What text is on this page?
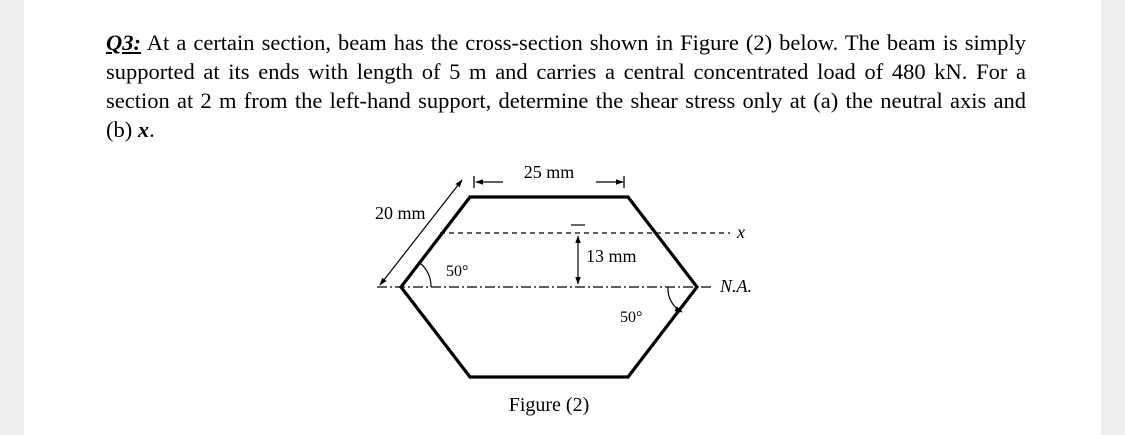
Q3: At a certain section, beam has the cross-section shown in Figure (2) below. The beam is simply supported at its ends with length of 5 m and carries a central concentrated load of 480 kN. For a section at 2 m from the left-hand support, determine the shear stress only at (a) the neutral axis and (b) x.

25 mm
20 mm
13 mm
50°
50°
x
N.A.
Figure (2)
